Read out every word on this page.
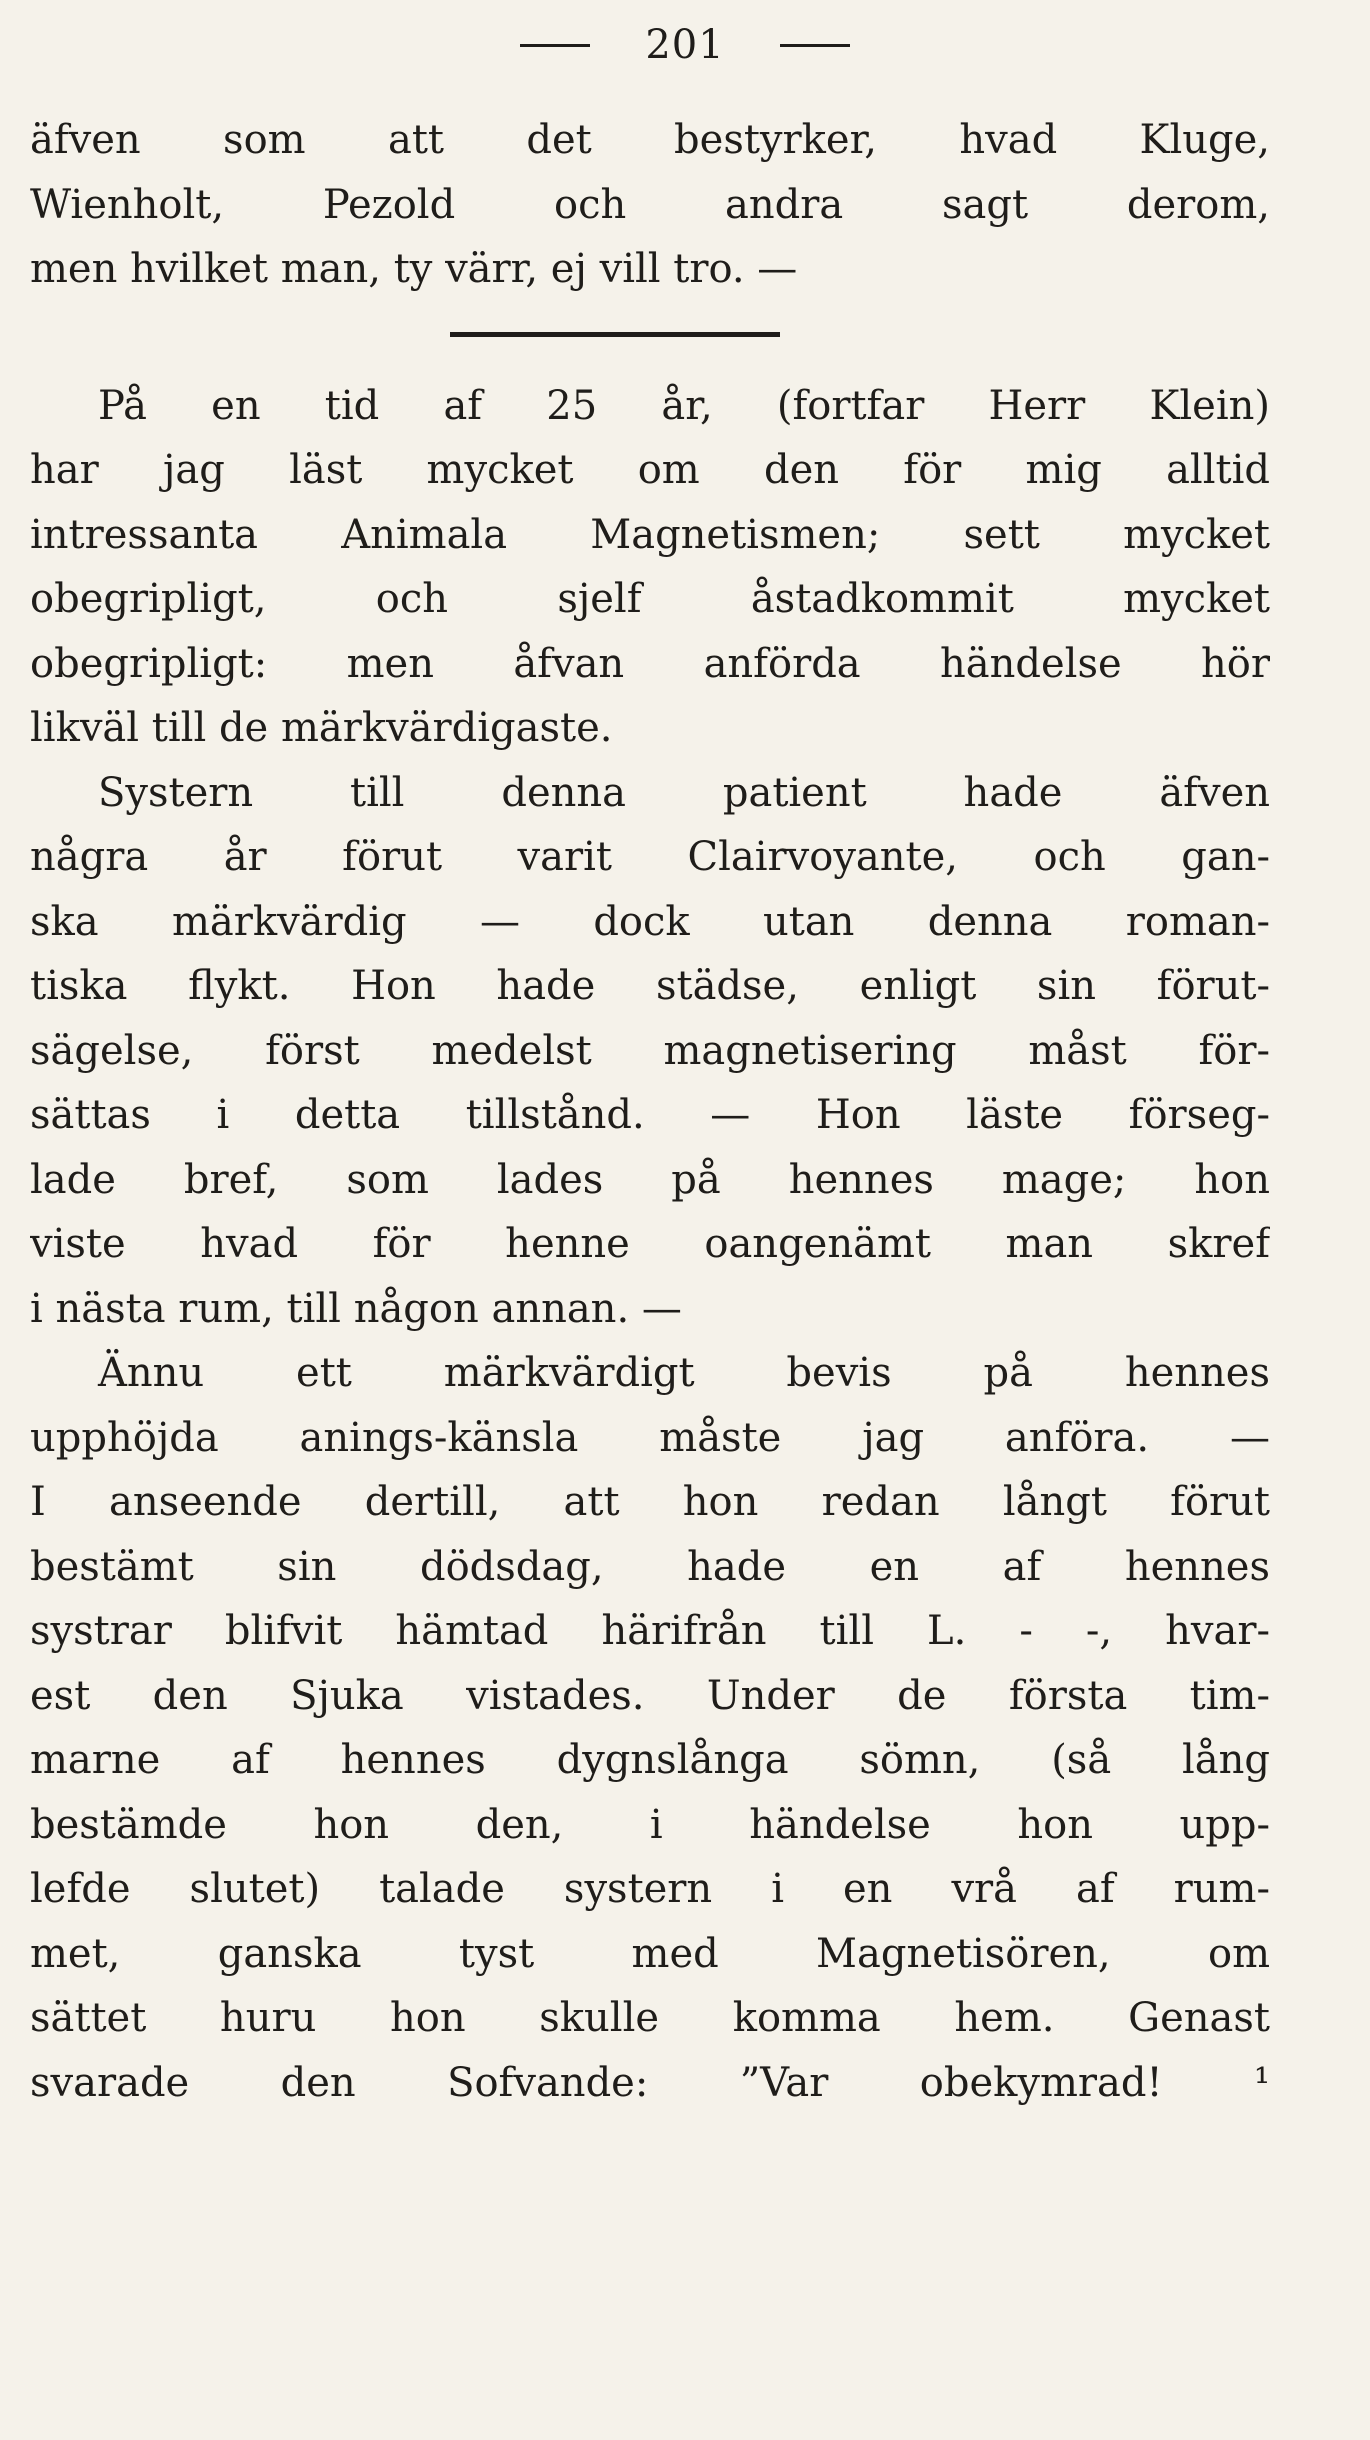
201
äfven som att det bestyrker, hvad Kluge,
Wienholt, Pezold och andra sagt derom,
men hvilket man, ty värr, ej vill tro. —
På en tid af 25 år, (fortfar Herr Klein)
har jag läst mycket om den för mig alltid
intressanta Animala Magnetismen; sett mycket
obegripligt, och sjelf åstadkommit mycket
obegripligt: men åfvan anförda händelse hör
likväl till de märkvärdigaste.
Systern till denna patient hade äfven
några år förut varit Clairvoyante, och gan-
ska märkvärdig — dock utan denna roman-
tiska flykt. Hon hade städse, enligt sin förut-
sägelse, först medelst magnetisering måst för-
sättas i detta tillstånd. — Hon läste förseg-
lade bref, som lades på hennes mage; hon
viste hvad för henne oangenämt man skref
i nästa rum, till någon annan. —
Ännu ett märkvärdigt bevis på hennes
upphöjda anings-känsla måste jag anföra. —
I anseende dertill, att hon redan långt förut
bestämt sin dödsdag, hade en af hennes
systrar blifvit hämtad härifrån till L. - -, hvar-
est den Sjuka vistades. Under de första tim-
marne af hennes dygnslånga sömn, (så lång
bestämde hon den, i händelse hon upp-
lefde slutet) talade systern i en vrå af rum-
met, ganska tyst med Magnetisören, om
sättet huru hon skulle komma hem. Genast
svarade den Sofvande: ”Var obekymrad! ¹
